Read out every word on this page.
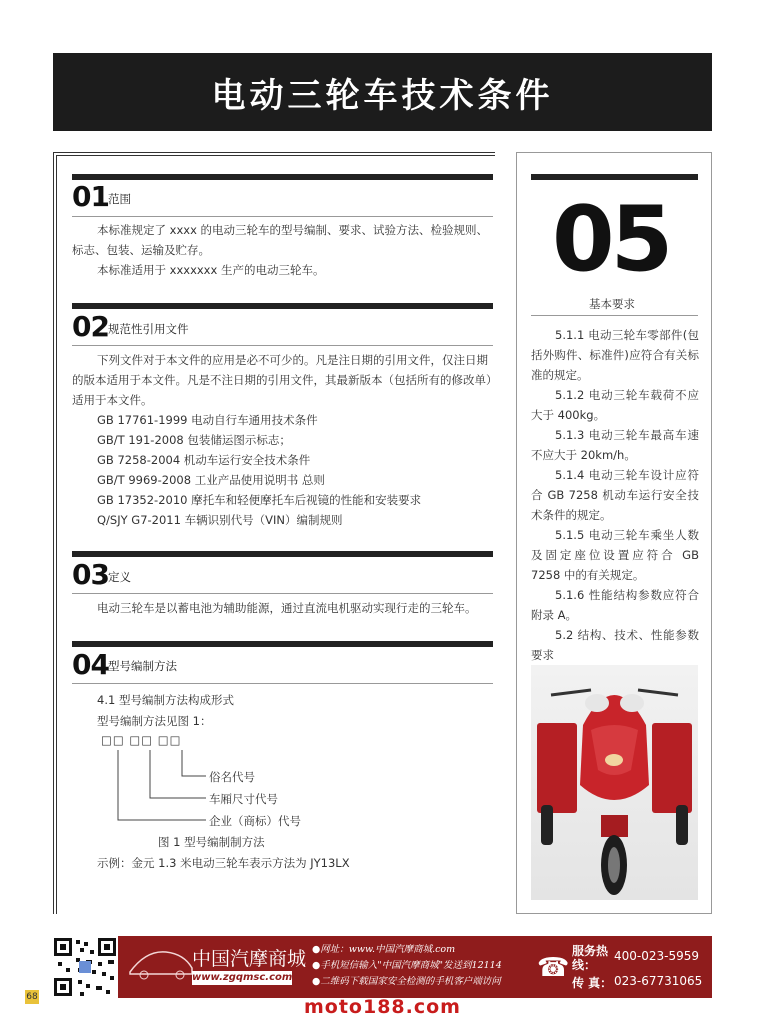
电动三轮车技术条件
01 范围

本标准规定了 xxxx 的电动三轮车的型号编制、要求、试验方法、检验规则、标志、包装、运输及贮存。

本标准适用于 xxxxxxx 生产的电动三轮车。

02 规范性引用文件

下列文件对于本文件的应用是必不可少的。凡是注日期的引用文件，仅注日期的版本适用于本文件。凡是不注日期的引用文件，其最新版本（包括所有的修改单）适用于本文件。

GB 17761-1999 电动自行车通用技术条件
GB/T 191-2008 包装储运图示标志；
GB 7258-2004 机动车运行安全技术条件
GB/T 9969-2008 工业产品使用说明书 总则
GB 17352-2010 摩托车和轻便摩托车后视镜的性能和安装要求
Q/SJY G7-2011 车辆识别代号（VIN）编制规则
03 定义

电动三轮车是以蓄电池为辅助能源，通过直流电机驱动实现行走的三轮车。

04 型号编制方法
4.1 型号编制方法构成形式
型号编制方法见图 1：
□□ □□ □□
俗名代号
车厢尺寸代号
企业（商标）代号
图 1 型号编制制方法
示例：金元 1.3 米电动三轮车表示方法为 JY13LX
05
基本要求

5.1.1 电动三轮车零部件(包括外购件、标准件)应符合有关标准的规定。

5.1.2 电动三轮车载荷不应大于 400kg。

5.1.3 电动三轮车最高车速不应大于 20km/h。

5.1.4 电动三轮车设计应符合 GB 7258 机动车运行安全技术条件的规定。

5.1.5 电动三轮车乘坐人数及固定座位设置应符合 GB 7258 中的有关规定。

5.1.6 性能结构参数应符合附录 A。

5.2 结构、技术、性能参数要求

中国汽摩商城
www.zgqmsc.com
●网址：www.中国汽摩商城.com
●手机短信输入"中国汽摩商城"发送到12114
●二维码下载国家安全检测的手机客户端访问 ☎
服务热线：
400-023-5959
传 真： 023-67731065
68	moto188.com
